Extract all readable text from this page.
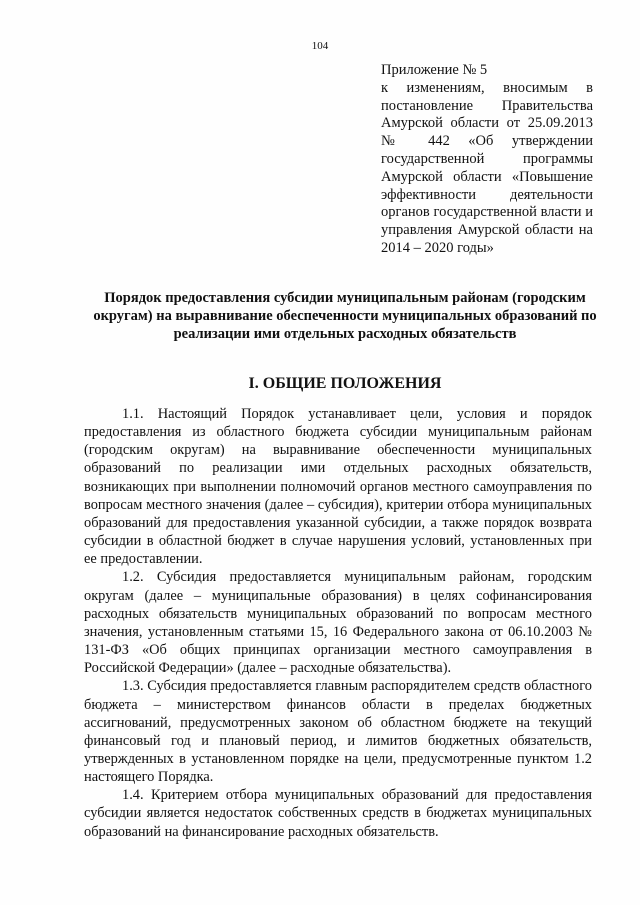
104

Приложение № 5

к изменениям, вносимым в постановление Правительства Амурской области от 25.09.2013 № 442 «Об утверждении государственной программы Амурской области «Повышение эффективности деятельности органов государственной власти и управления Амурской области на 2014 – 2020 годы»

Порядок предоставления субсидии муниципальным районам (городским округам) на выравнивание обеспеченности муниципальных образований по реализации ими отдельных расходных обязательств
I. ОБЩИЕ ПОЛОЖЕНИЯ

1.1. Настоящий Порядок устанавливает цели, условия и порядок предоставления из областного бюджета субсидии муниципальным районам (городским округам) на выравнивание обеспеченности муниципальных образований по реализации ими отдельных расходных обязательств, возникающих при выполнении полномочий органов местного самоуправления по вопросам местного значения (далее – субсидия), критерии отбора муниципальных образований для предоставления указанной субсидии, а также порядок возврата субсидии в областной бюджет в случае нарушения условий, установленных при ее предоставлении.

1.2. Субсидия предоставляется муниципальным районам, городским округам (далее – муниципальные образования) в целях софинансирования расходных обязательств муниципальных образований по вопросам местного значения, установленным статьями 15, 16 Федерального закона от 06.10.2003 № 131-ФЗ «Об общих принципах организации местного самоуправления в Российской Федерации» (далее – расходные обязательства).

1.3. Субсидия предоставляется главным распорядителем средств областного бюджета – министерством финансов области в пределах бюджетных ассигнований, предусмотренных законом об областном бюджете на текущий финансовый год и плановый период, и лимитов бюджетных обязательств, утвержденных в установленном порядке на цели, предусмотренные пунктом 1.2 настоящего Порядка.

1.4. Критерием отбора муниципальных образований для предоставления субсидии является недостаток собственных средств в бюджетах муниципальных образований на финансирование расходных обязательств.
